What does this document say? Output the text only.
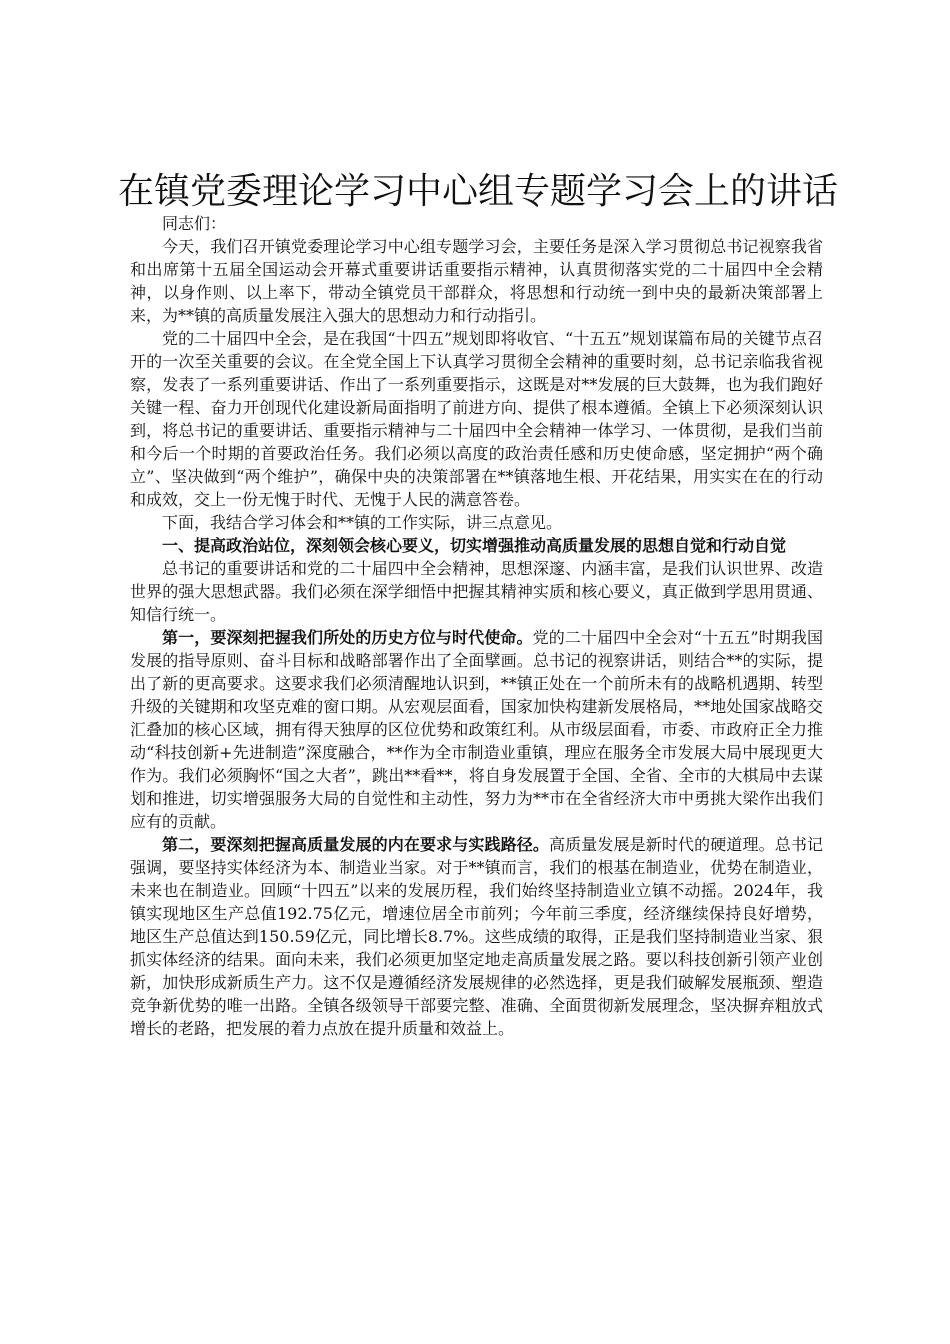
在镇党委理论学习中心组专题学习会上的讲话

同志们：

今天，我们召开镇党委理论学习中心组专题学习会，主要任务是深入学习贯彻总书记视察我省和出席第十五届全国运动会开幕式重要讲话重要指示精神，认真贯彻落实党的二十届四中全会精神，以身作则、以上率下，带动全镇党员干部群众，将思想和行动统一到中央的最新决策部署上来，为**镇的高质量发展注入强大的思想动力和行动指引。

党的二十届四中全会，是在我国“十四五”规划即将收官、“十五五”规划谋篇布局的关键节点召开的一次至关重要的会议。在全党全国上下认真学习贯彻全会精神的重要时刻，总书记亲临我省视察，发表了一系列重要讲话、作出了一系列重要指示，这既是对**发展的巨大鼓舞，也为我们跑好关键一程、奋力开创现代化建设新局面指明了前进方向、提供了根本遵循。全镇上下必须深刻认识到，将总书记的重要讲话、重要指示精神与二十届四中全会精神一体学习、一体贯彻，是我们当前和今后一个时期的首要政治任务。我们必须以高度的政治责任感和历史使命感，坚定拥护“两个确立”、坚决做到“两个维护”，确保中央的决策部署在**镇落地生根、开花结果，用实实在在的行动和成效，交上一份无愧于时代、无愧于人民的满意答卷。

下面，我结合学习体会和**镇的工作实际，讲三点意见。

一、提高政治站位，深刻领会核心要义，切实增强推动高质量发展的思想自觉和行动自觉

总书记的重要讲话和党的二十届四中全会精神，思想深邃、内涵丰富，是我们认识世界、改造世界的强大思想武器。我们必须在深学细悟中把握其精神实质和核心要义，真正做到学思用贯通、知信行统一。

第一，要深刻把握我们所处的历史方位与时代使命。党的二十届四中全会对“十五五”时期我国发展的指导原则、奋斗目标和战略部署作出了全面擘画。总书记的视察讲话，则结合**的实际，提出了新的更高要求。这要求我们必须清醒地认识到，**镇正处在一个前所未有的战略机遇期、转型升级的关键期和攻坚克难的窗口期。从宏观层面看，国家加快构建新发展格局，**地处国家战略交汇叠加的核心区域，拥有得天独厚的区位优势和政策红利。从市级层面看，市委、市政府正全力推动“科技创新+先进制造”深度融合，**作为全市制造业重镇，理应在服务全市发展大局中展现更大作为。我们必须胸怀“国之大者”，跳出**看**，将自身发展置于全国、全省、全市的大棋局中去谋划和推进，切实增强服务大局的自觉性和主动性，努力为**市在全省经济大市中勇挑大梁作出我们应有的贡献。

第二，要深刻把握高质量发展的内在要求与实践路径。高质量发展是新时代的硬道理。总书记强调，要坚持实体经济为本、制造业当家。对于**镇而言，我们的根基在制造业，优势在制造业，未来也在制造业。回顾“十四五”以来的发展历程，我们始终坚持制造业立镇不动摇。2024年，我镇实现地区生产总值192.75亿元，增速位居全市前列；今年前三季度，经济继续保持良好增势，地区生产总值达到150.59亿元，同比增长8.7%。这些成绩的取得，正是我们坚持制造业当家、狠抓实体经济的结果。面向未来，我们必须更加坚定地走高质量发展之路。要以科技创新引领产业创新，加快形成新质生产力。这不仅是遵循经济发展规律的必然选择，更是我们破解发展瓶颈、塑造竞争新优势的唯一出路。全镇各级领导干部要完整、准确、全面贯彻新发展理念，坚决摒弃粗放式增长的老路，把发展的着力点放在提升质量和效益上。
